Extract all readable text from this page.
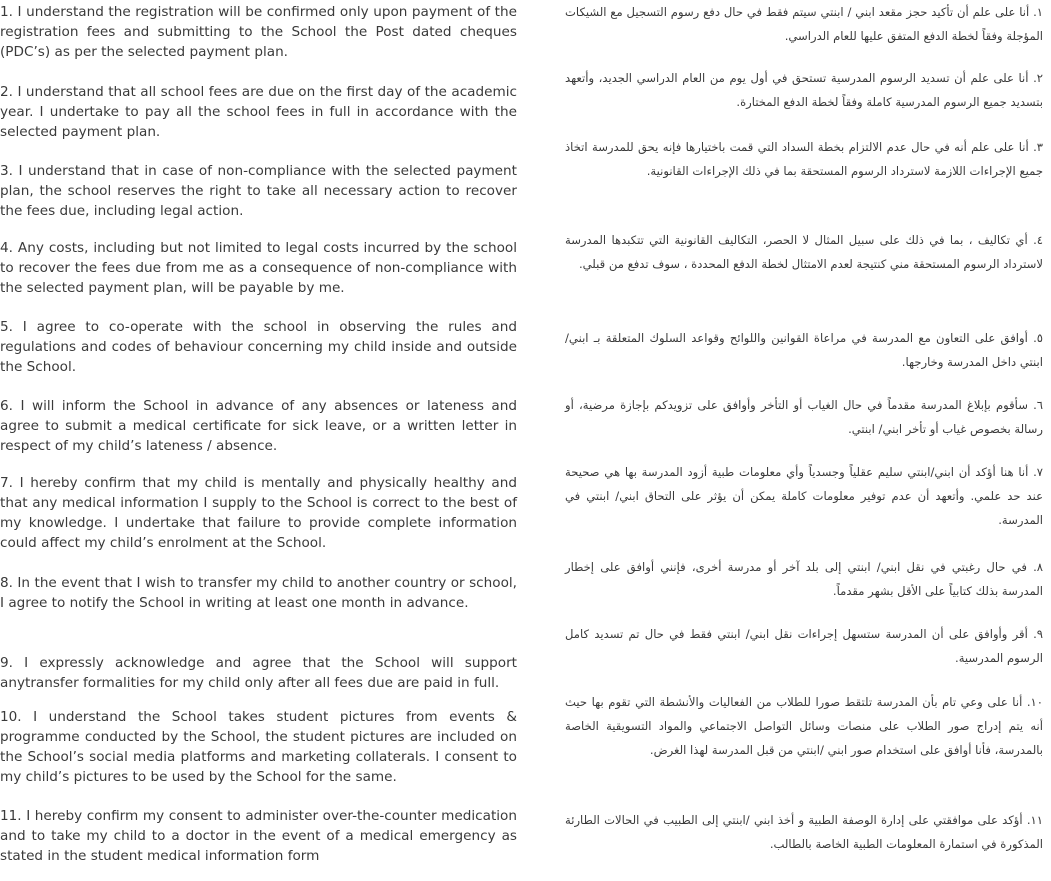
1. I understand the registration will be confirmed only upon payment of the registration fees and submitting to the School the Post dated cheques (PDC’s) as per the selected payment plan.

2. I understand that all school fees are due on the first day of the academic year. I undertake to pay all the school fees in full in accordance with the selected payment plan.

3. I understand that in case of non-compliance with the selected payment plan, the school reserves the right to take all necessary action to recover the fees due, including legal action.

4. Any costs, including but not limited to legal costs incurred by the school to recover the fees due from me as a consequence of non-compliance with the selected payment plan, will be payable by me.

5. I agree to co-operate with the school in observing the rules and regulations and codes of behaviour concerning my child inside and outside the School.

6. I will inform the School in advance of any absences or lateness and agree to submit a medical certificate for sick leave, or a written letter in respect of my child’s lateness / absence.

7. I hereby confirm that my child is mentally and physically healthy and that any medical information I supply to the School is correct to the best of my knowledge. I undertake that failure to provide complete information could affect my child’s enrolment at the School.

8. In the event that I wish to transfer my child to another country or school, I agree to notify the School in writing at least one month in advance.

9. I expressly acknowledge and agree that the School will support anytransfer formalities for my child only after all fees due are paid in full.

10. I understand the School takes student pictures from events & programme conducted by the School, the student pictures are included on the School’s social media platforms and marketing collaterals. I consent to my child’s pictures to be used by the School for the same.

11. I hereby confirm my consent to administer over-the-counter medication and to take my child to a doctor in the event of a medical emergency as stated in the student medical information form

١. أنا على علم أن تأكيد حجز مقعد ابني / ابنتي سيتم فقط في حال دفع رسوم التسجيل مع الشيكات المؤجلة وفقاً لخطة الدفع المتفق عليها للعام الدراسي.

٢. أنا على علم أن تسديد الرسوم المدرسية تستحق في أول يوم من العام الدراسي الجديد، وأتعهد بتسديد جميع الرسوم المدرسية كاملة وفقاً لخطة الدفع المختارة.

٣. أنا على علم أنه في حال عدم الالتزام بخطة السداد التي قمت باختيارها فإنه يحق للمدرسة اتخاذ جميع الإجراءات اللازمة لاسترداد الرسوم المستحقة بما في ذلك الإجراءات القانونية.

٤. أي تكاليف ، بما في ذلك على سبيل المثال لا الحصر، التكاليف القانونية التي تتكبدها المدرسة لاسترداد الرسوم المستحقة مني كنتيجة لعدم الامتثال لخطة الدفع المحددة ، سوف تدفع من قبلي.

٥. أوافق على التعاون مع المدرسة في مراعاة القوانين واللوائح وقواعد السلوك المتعلقة بـ ابني/ ابنتي داخل المدرسة وخارجها.

٦. سأقوم بإبلاغ المدرسة مقدماً في حال الغياب أو التأخر وأوافق على تزويدكم بإجازة مرضية، أو رسالة بخصوص غياب أو تأخر ابني/ ابنتي.

٧. أنا هنا أؤكد أن ابني/ابنتي سليم عقلياً وجسدياً وأي معلومات طبية أزود المدرسة بها هي صحيحة عند حد علمي. وأتعهد أن عدم توفير معلومات كاملة يمكن أن يؤثر على التحاق ابني/ ابنتي في المدرسة.

٨. في حال رغبتي في نقل ابني/ ابنتي إلى بلد آخر أو مدرسة أخرى، فإنني أوافق على إخطار المدرسة بذلك كتابياً على الأقل بشهر مقدماً.

٩. أقر وأوافق على أن المدرسة ستسهل إجراءات نقل ابني/ ابنتي فقط في حال تم تسديد كامل الرسوم المدرسية.

١٠. أنا على وعي تام بأن المدرسة تلتقط صورا للطلاب من الفعاليات والأنشطة التي تقوم بها حيث أنه يتم إدراج صور الطلاب على منصات وسائل التواصل الاجتماعي والمواد التسويقية الخاصة بالمدرسة، فأنا أوافق على استخدام صور ابني /ابنتي من قبل المدرسة لهذا الغرض.

١١. أؤكد على موافقتي على إدارة الوصفة الطبية و أخذ ابني /ابنتي إلى الطبيب في الحالات الطارئة المذكورة في استمارة المعلومات الطبية الخاصة بالطالب.
